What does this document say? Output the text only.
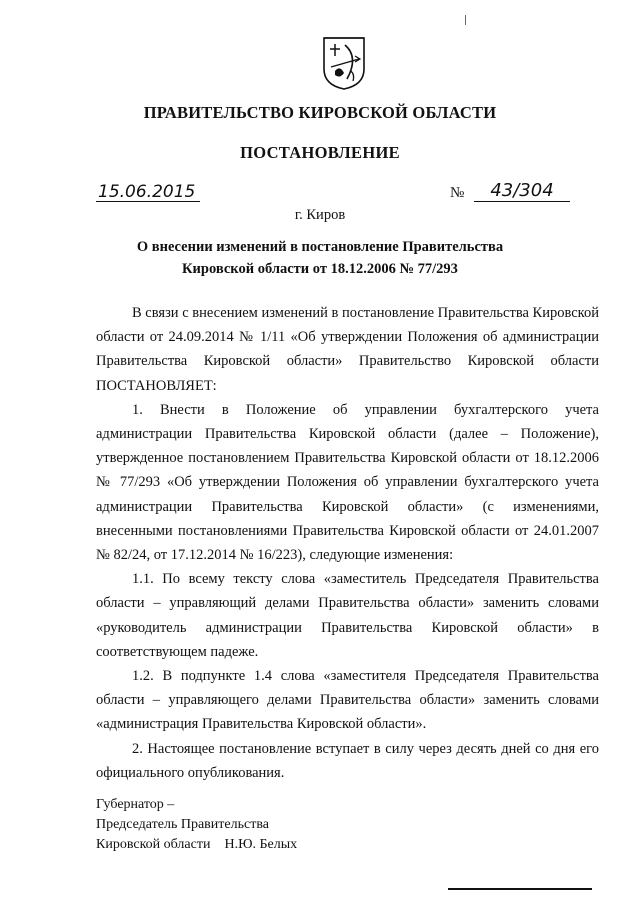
ПРАВИТЕЛЬСТВО КИРОВСКОЙ ОБЛАСТИ
ПОСТАНОВЛЕНИЕ
15.06.2015	№	43/304
г. Киров
О внесении изменений в постановление Правительства
Кировской области от 18.12.2006 № 77/293

В связи с внесением изменений в постановление Правительства Кировской области от 24.09.2014 № 1/11 «Об утверждении Положения об администрации Правительства Кировской области» Правительство Кировской области ПОСТАНОВЛЯЕТ:

1. Внести в Положение об управлении бухгалтерского учета администрации Правительства Кировской области (далее – Положение), утвержденное постановлением Правительства Кировской области от 18.12.2006 № 77/293 «Об утверждении Положения об управлении бухгалтерского учета администрации Правительства Кировской области» (с изменениями, внесенными постановлениями Правительства Кировской области от 24.01.2007 № 82/24, от 17.12.2014 № 16/223), следующие изменения:

1.1. По всему тексту слова «заместитель Председателя Правительства области – управляющий делами Правительства области» заменить словами «руководитель администрации Правительства Кировской области» в соответствующем падеже.

1.2. В подпункте 1.4 слова «заместителя Председателя Правительства области – управляющего делами Правительства области» заменить словами «администрация Правительства Кировской области».

2. Настоящее постановление вступает в силу через десять дней со дня его официального опубликования.

Губернатор –
Председатель Правительства
Кировской области Н.Ю. Белых
